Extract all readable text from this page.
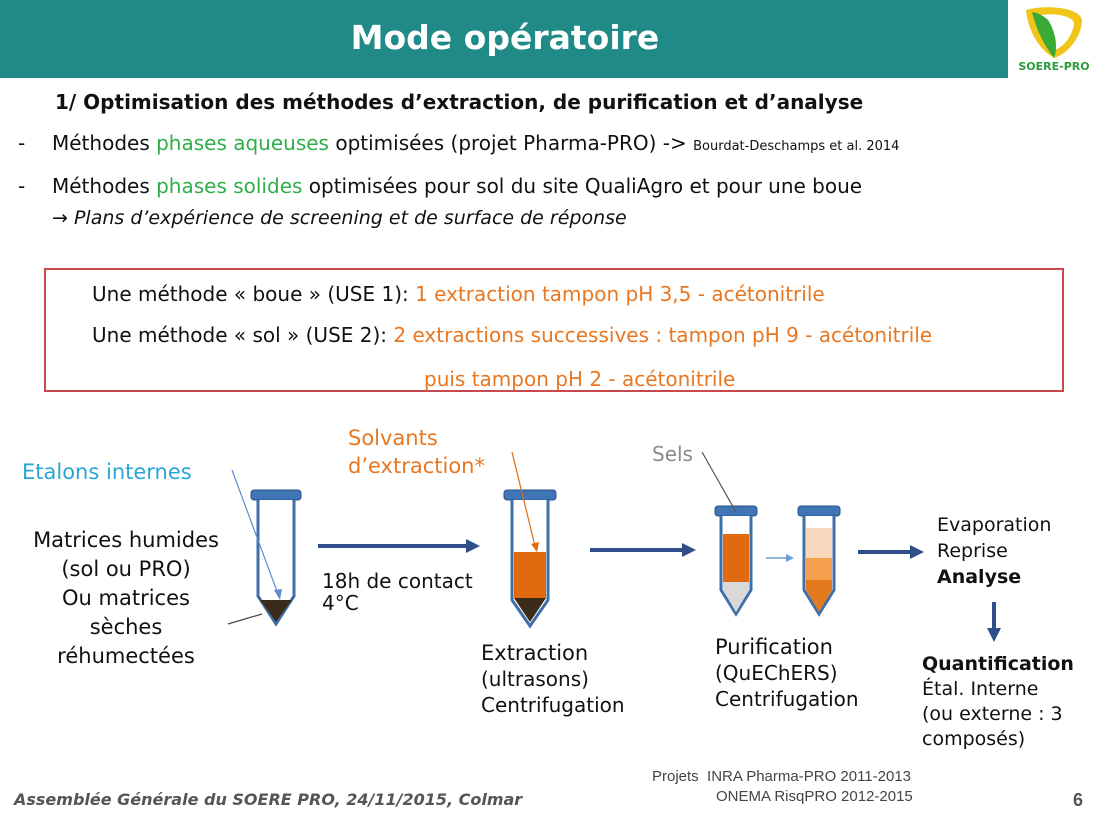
Mode opératoire
SOERE-PRO
1/ Optimisation des méthodes d’extraction, de purification et d’analyse
- Méthodes phases aqueuses optimisées (projet Pharma-PRO) -> Bourdat-Deschamps et al. 2014
- Méthodes phases solides optimisées pour sol du site QualiAgro et pour une boue
→ Plans d’expérience de screening et de surface de réponse
Une méthode « boue » (USE 1): 1 extraction tampon pH 3,5 - acétonitrile
Une méthode « sol » (USE 2): 2 extractions successives : tampon pH 9 - acétonitrile
puis tampon pH 2 - acétonitrile
Etalons internes
Matrices humides
(sol ou PRO)
Ou matrices
sèches
réhumectées
18h de contact
4°C
Solvants
d’extraction*
Extraction
(ultrasons)
Centrifugation
Sels
Purification
(QuEChERS)
Centrifugation
Evaporation
Reprise
Analyse
Quantification
Étal. Interne
(ou externe : 3
composés)
Assemblée Générale du SOERE PRO, 24/11/2015, Colmar
Projets INRA Pharma-PRO 2011-2013
ONEMA RisqPRO 2012-2015	6
